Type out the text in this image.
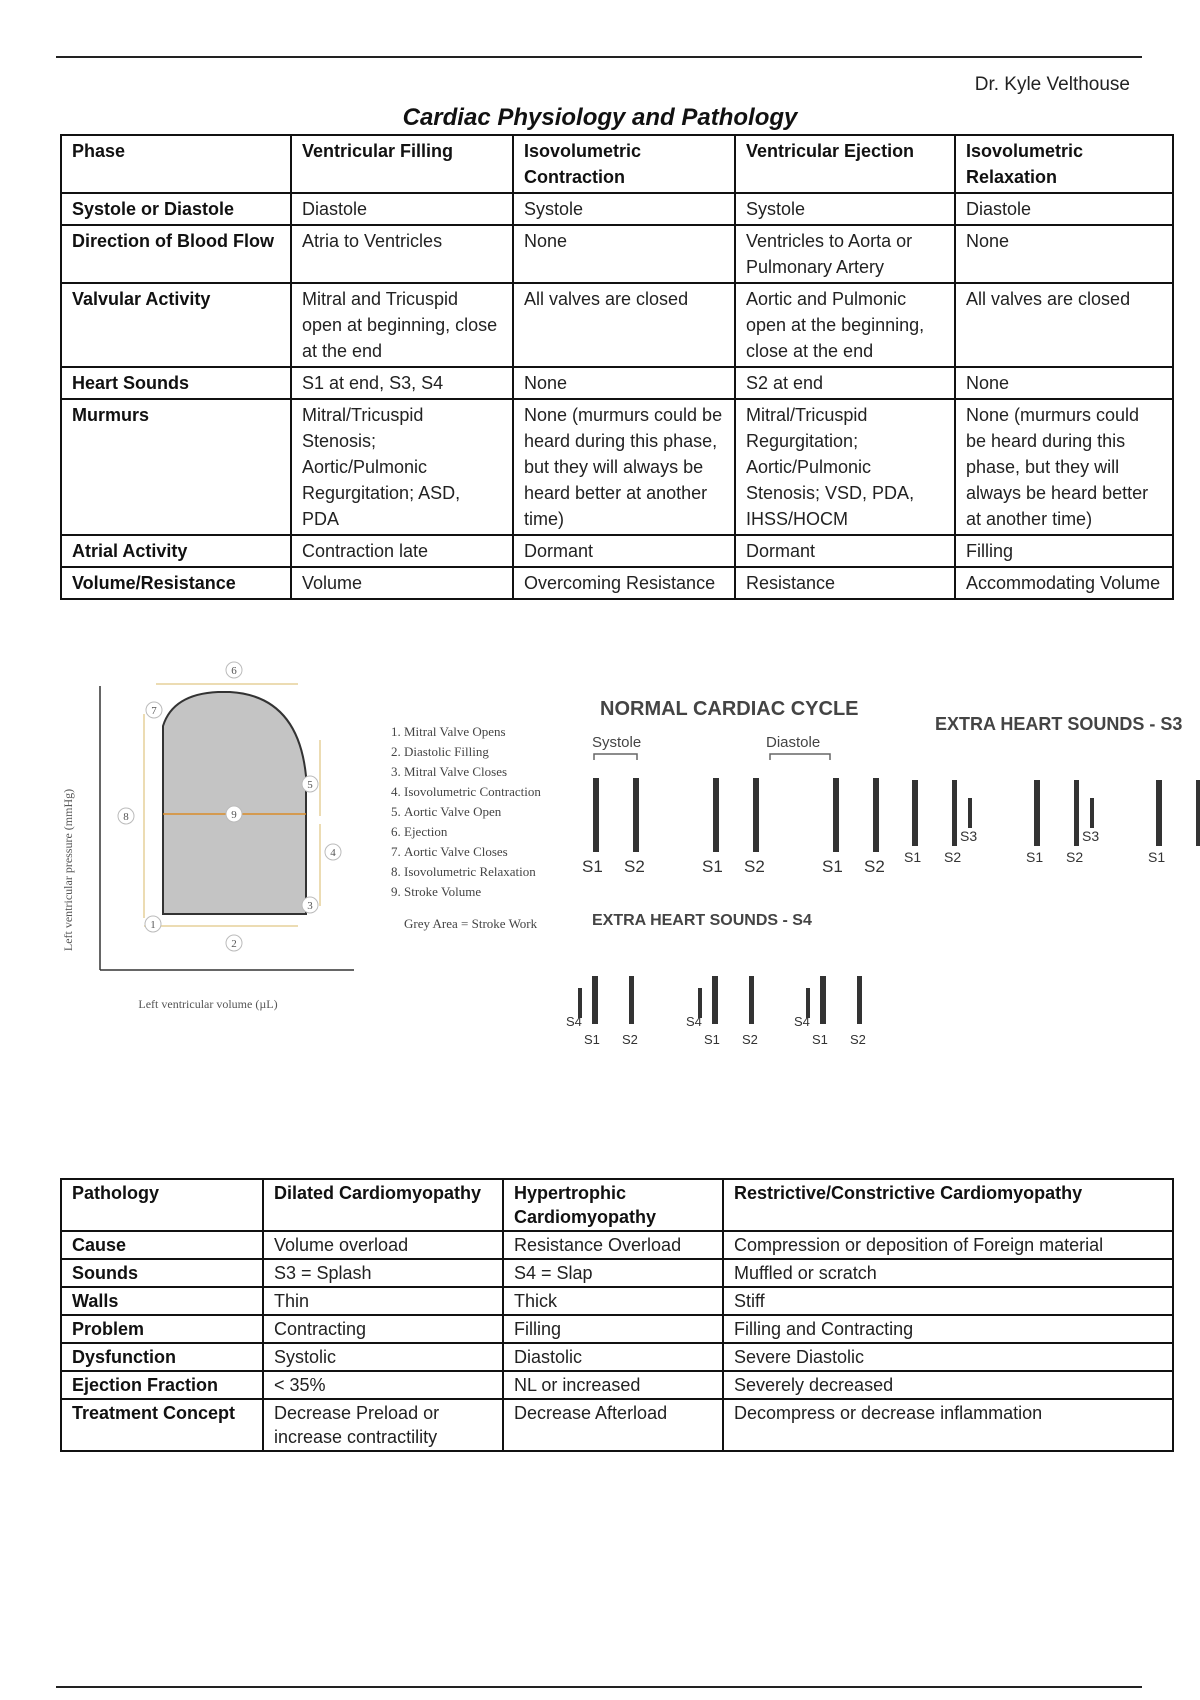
Dr. Kyle Velthouse
Cardiac Physiology and Pathology
Phase	Ventricular Filling	Isovolumetric Contraction	Ventricular Ejection	Isovolumetric Relaxation
Systole or Diastole	Diastole	Systole	Systole	Diastole
Direction of Blood Flow	Atria to Ventricles	None	Ventricles to Aorta or Pulmonary Artery	None
Valvular Activity	Mitral and Tricuspid open at beginning, close at the end	All valves are closed	Aortic and Pulmonic open at the beginning, close at the end	All valves are closed
Heart Sounds	S1 at end, S3, S4	None	S2 at end	None
Murmurs	Mitral/Tricuspid Stenosis; Aortic/Pulmonic Regurgitation; ASD, PDA	None (murmurs could be heard during this phase, but they will always be heard better at another time)	Mitral/Tricuspid Regurgitation; Aortic/Pulmonic Stenosis; VSD, PDA, IHSS/HOCM	None (murmurs could be heard during this phase, but they will always be heard better at another time)
Atrial Activity	Contraction late	Dormant	Dormant	Filling
Volume/Resistance	Volume	Overcoming Resistance	Resistance	Accommodating Volume
Left ventricular pressure (mmHg)
Left ventricular volume (µL)
1
2
3
4
5
6
7
8	9
1. Mitral Valve Opens
2. Diastolic Filling
3. Mitral Valve Closes
4. Isovolumetric Contraction
5. Aortic Valve Open
6. Ejection
7. Aortic Valve Closes
8. Isovolumetric Relaxation
9. Stroke Volume
Grey Area = Stroke Work
NORMAL CARDIAC CYCLE
EXTRA HEART SOUNDS - S3
Systole	Diastole
EXTRA HEART SOUNDS - S4
S1 S2	S1 S2	S1 S2
S3	S3
S1 S2	S1 S2	S1
S4
S1 S2
S4
S1 S2
S4
S1 S2
Pathology	Dilated Cardiomyopathy	Hypertrophic Cardiomyopathy	Restrictive/Constrictive Cardiomyopathy
Cause	Volume overload	Resistance Overload	Compression or deposition of Foreign material
Sounds	S3 = Splash	S4 = Slap	Muffled or scratch
Walls	Thin	Thick	Stiff
Problem	Contracting	Filling	Filling and Contracting
Dysfunction	Systolic	Diastolic	Severe Diastolic
Ejection Fraction	< 35%	NL or increased	Severely decreased
Treatment Concept	Decrease Preload or increase contractility	Decrease Afterload	Decompress or decrease inflammation
